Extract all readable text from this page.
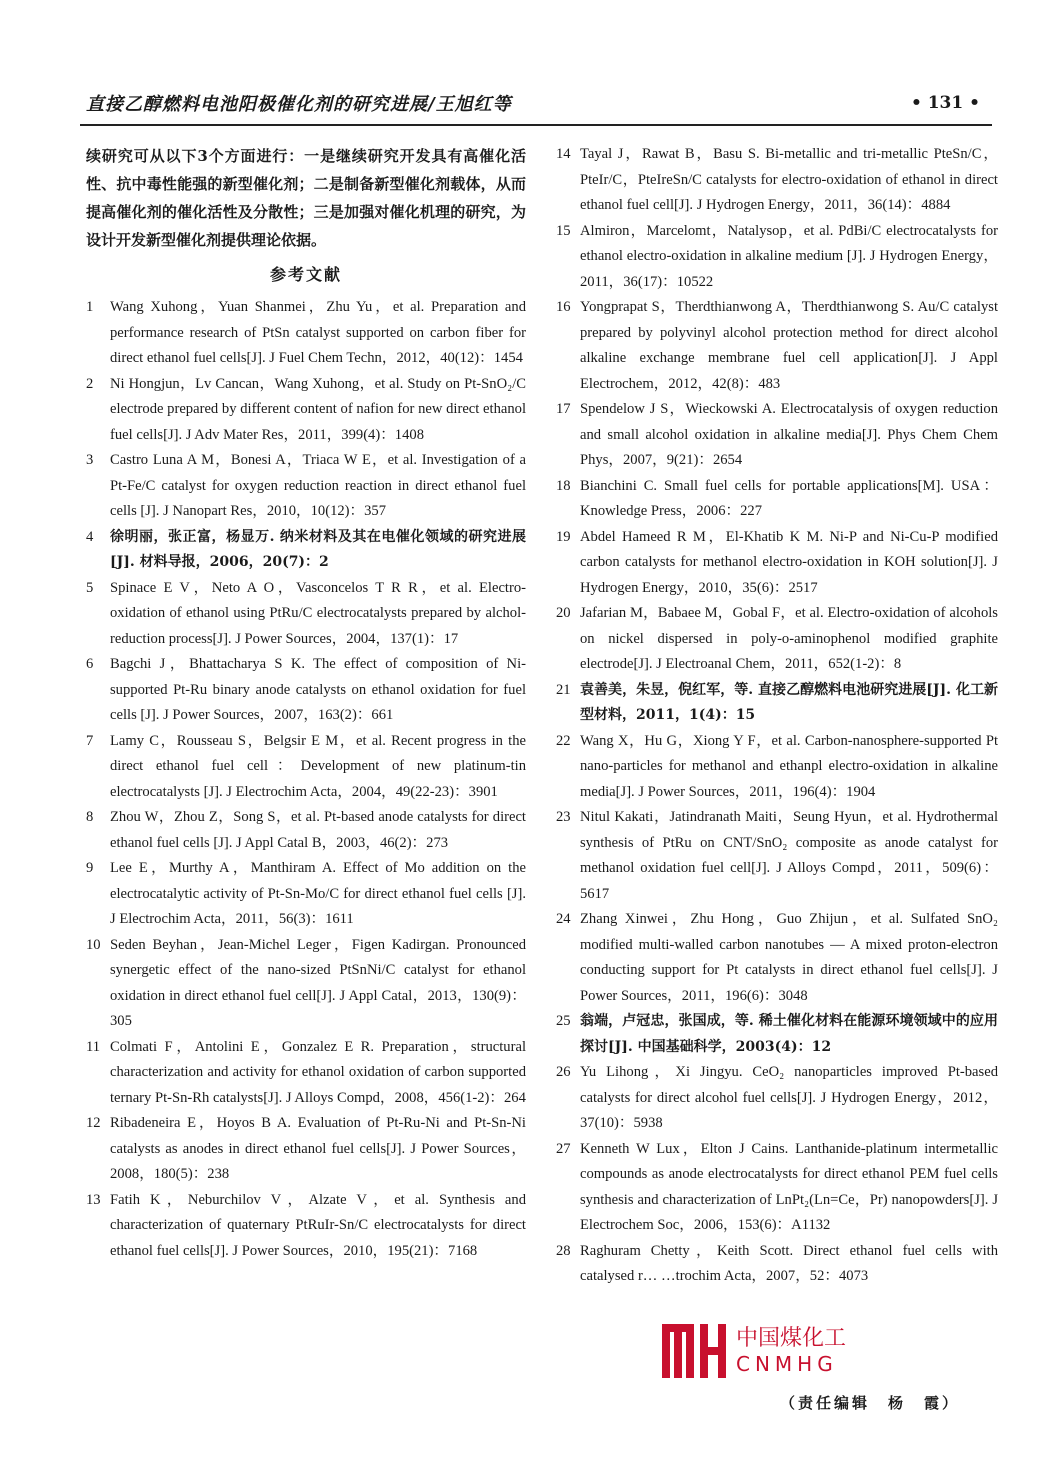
直接乙醇燃料电池阳极催化剂的研究进展/王旭红等	• 131 •

续研究可从以下3个方面进行：一是继续研究开发具有高催化活性、抗中毒性能强的新型催化剂；二是制备新型催化剂载体，从而提高催化剂的催化活性及分散性；三是加强对催化机理的研究，为设计开发新型催化剂提供理论依据。

参考文献
1	Wang Xuhong，Yuan Shanmei，Zhu Yu，et al. Preparation and performance research of PtSn catalyst supported on carbon fiber for direct ethanol fuel cells[J]. J Fuel Chem Techn，2012，40(12)：1454
2	Ni Hongjun，Lv Cancan，Wang Xuhong，et al. Study on Pt-SnO₂/C electrode prepared by different content of nafion for new direct ethanol fuel cells[J]. J Adv Mater Res，2011，399(4)：1408
3	Castro Luna A M，Bonesi A，Triaca W E，et al. Investigation of a Pt-Fe/C catalyst for oxygen reduction reaction in direct ethanol fuel cells [J]. J Nanopart Res，2010，10(12)：357
4	徐明丽，张正富，杨显万. 纳米材料及其在电催化领域的研究进展[J]. 材料导报，2006，20(7)：2
5	Spinace E V，Neto A O，Vasconcelos T R R，et al. Electro-oxidation of ethanol using PtRu/C electrocatalysts prepared by alchol-reduction process[J]. J Power Sources，2004，137(1)：17
6	Bagchi J，Bhattacharya S K. The effect of composition of Ni-supported Pt-Ru binary anode catalysts on ethanol oxidation for fuel cells [J]. J Power Sources，2007，163(2)：661
7	Lamy C，Rousseau S，Belgsir E M，et al. Recent progress in the direct ethanol fuel cell：Development of new platinum-tin electrocatalysts [J]. J Electrochim Acta，2004，49(22-23)：3901
8	Zhou W，Zhou Z，Song S，et al. Pt-based anode catalysts for direct ethanol fuel cells [J]. J Appl Catal B，2003，46(2)：273
9	Lee E，Murthy A，Manthiram A. Effect of Mo addition on the electrocatalytic activity of Pt-Sn-Mo/C for direct ethanol fuel cells [J]. J Electrochim Acta，2011，56(3)：1611
10 Seden Beyhan，Jean-Michel Leger，Figen Kadirgan. Pronounced synergetic effect of the nano-sized PtSnNi/C catalyst for ethanol oxidation in direct ethanol fuel cell[J]. J Appl Catal，2013，130(9)：305
11 Colmati F，Antolini E，Gonzalez E R. Preparation，structural characterization and activity for ethanol oxidation of carbon supported ternary Pt-Sn-Rh catalysts[J]. J Alloys Compd，2008，456(1-2)：264
12 Ribadeneira E，Hoyos B A. Evaluation of Pt-Ru-Ni and Pt-Sn-Ni catalysts as anodes in direct ethanol fuel cells[J]. J Power Sources，2008，180(5)：238
13 Fatih K，Neburchilov V，Alzate V，et al. Synthesis and characterization of quaternary PtRuIr-Sn/C electrocatalysts for direct ethanol fuel cells[J]. J Power Sources，2010，195(21)：7168
14 Tayal J，Rawat B，Basu S. Bi-metallic and tri-metallic PteSn/C，PteIr/C，PteIreSn/C catalysts for electro-oxidation of ethanol in direct ethanol fuel cell[J]. J Hydrogen Energy，2011，36(14)：4884
15 Almiron，Marcelomt，Natalysop，et al. PdBi/C electrocatalysts for ethanol electro-oxidation in alkaline medium [J]. J Hydrogen Energy，2011，36(17)：10522
16 Yongprapat S，Therdthianwong A，Therdthianwong S. Au/C catalyst prepared by polyvinyl alcohol protection method for direct alcohol alkaline exchange membrane fuel cell application[J]. J Appl Electrochem，2012，42(8)：483
17 Spendelow J S，Wieckowski A. Electrocatalysis of oxygen reduction and small alcohol oxidation in alkaline media[J]. Phys Chem Chem Phys，2007，9(21)：2654
18 Bianchini C. Small fuel cells for portable applications[M]. USA：Knowledge Press，2006：227
19 Abdel Hameed R M，El-Khatib K M. Ni-P and Ni-Cu-P modified carbon catalysts for methanol electro-oxidation in KOH solution[J]. J Hydrogen Energy，2010，35(6)：2517
20 Jafarian M，Babaee M，Gobal F，et al. Electro-oxidation of alcohols on nickel dispersed in poly-o-aminophenol modified graphite electrode[J]. J Electroanal Chem，2011，652(1-2)：8
21 袁善美，朱昱，倪红军，等. 直接乙醇燃料电池研究进展[J]. 化工新型材料，2011，1(4)：15
22 Wang X，Hu G，Xiong Y F，et al. Carbon-nanosphere-supported Pt nano-particles for methanol and ethanpl electro-oxidation in alkaline media[J]. J Power Sources，2011，196(4)：1904
23 Nitul Kakati，Jatindranath Maiti，Seung Hyun，et al. Hydrothermal synthesis of PtRu on CNT/SnO₂ composite as anode catalyst for methanol oxidation fuel cell[J]. J Alloys Compd，2011，509(6)：5617
24 Zhang Xinwei，Zhu Hong，Guo Zhijun，et al. Sulfated SnO₂ modified multi-walled carbon nanotubes — A mixed proton-electron conducting support for Pt catalysts in direct ethanol fuel cells[J]. J Power Sources，2011，196(6)：3048
25 翁端，卢冠忠，张国成，等. 稀土催化材料在能源环境领域中的应用探讨[J]. 中国基础科学，2003(4)：12
26 Yu Lihong，Xi Jingyu. CeO₂ nanoparticles improved Pt-based catalysts for direct alcohol fuel cells[J]. J Hydrogen Energy，2012，37(10)：5938
27 Kenneth W Lux，Elton J Cains. Lanthanide-platinum intermetallic compounds as anode electrocatalysts for direct ethanol PEM fuel cells synthesis and characterization of LnPt₂(Ln=Ce，Pr) nanopowders[J]. J Electrochem Soc，2006，153(6)：A1132
28 Raghuram Chetty，Keith Scott. Direct ethanol fuel cells with catalysed r… …trochim Acta，2007，52：4073
中国煤化工
CNMHG
（责任编辑　杨　霞）
